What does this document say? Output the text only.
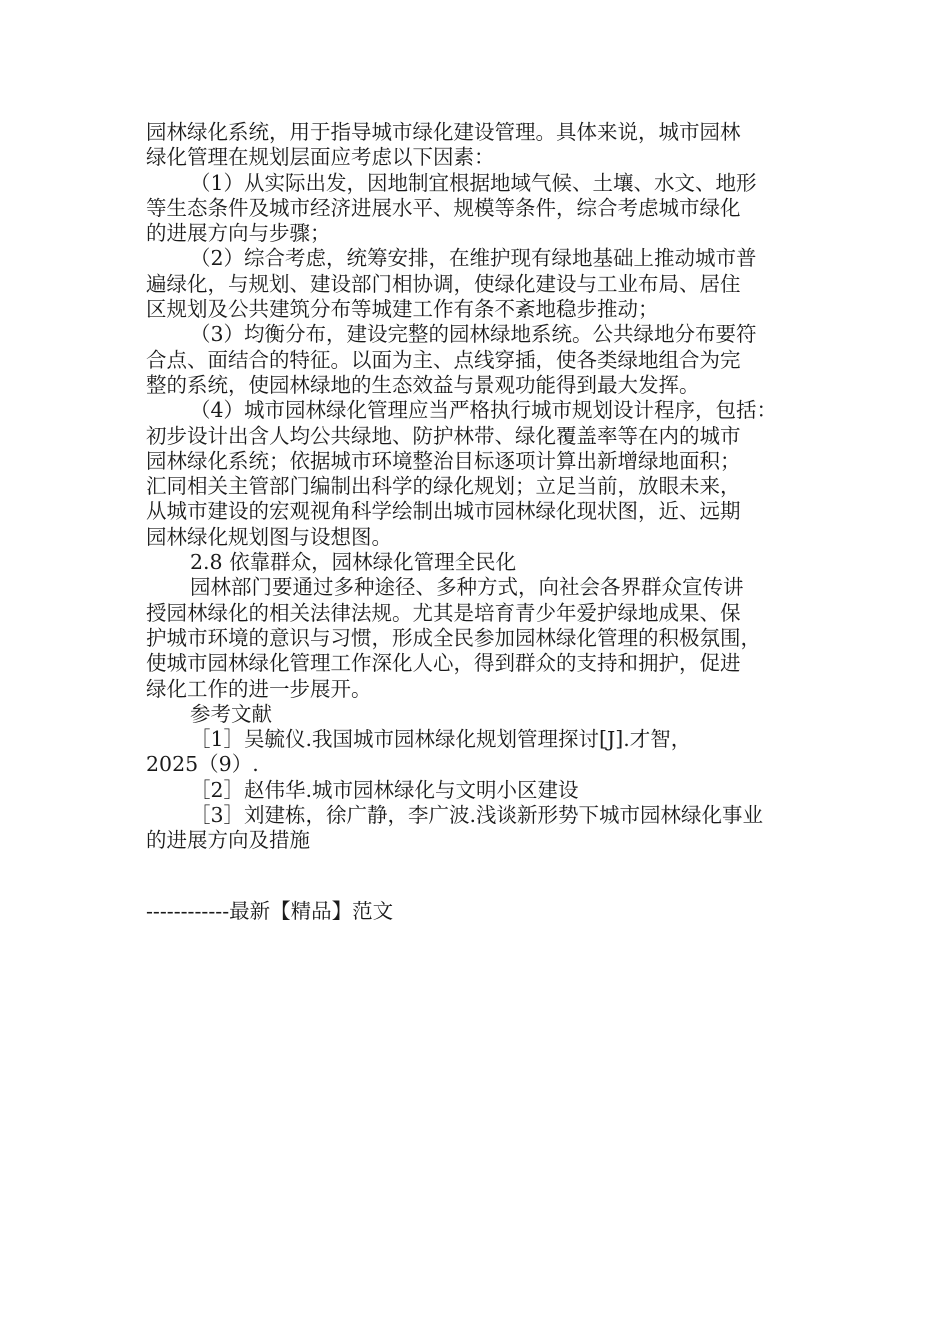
园林绿化系统，用于指导城市绿化建设管理。具体来说，城市园林
绿化管理在规划层面应考虑以下因素：
（1）从实际出发，因地制宜根据地域气候、土壤、水文、地形
等生态条件及城市经济进展水平、规模等条件，综合考虑城市绿化
的进展方向与步骤；
（2）综合考虑，统筹安排，在维护现有绿地基础上推动城市普
遍绿化，与规划、建设部门相协调，使绿化建设与工业布局、居住
区规划及公共建筑分布等城建工作有条不紊地稳步推动；
（3）均衡分布，建设完整的园林绿地系统。公共绿地分布要符
合点、面结合的特征。以面为主、点线穿插，使各类绿地组合为完
整的系统，使园林绿地的生态效益与景观功能得到最大发挥。
（4）城市园林绿化管理应当严格执行城市规划设计程序，包括：
初步设计出含人均公共绿地、防护林带、绿化覆盖率等在内的城市
园林绿化系统；依据城市环境整治目标逐项计算出新增绿地面积；
汇同相关主管部门编制出科学的绿化规划；立足当前，放眼未来，
从城市建设的宏观视角科学绘制出城市园林绿化现状图，近、远期
园林绿化规划图与设想图。
2.8 依靠群众，园林绿化管理全民化
园林部门要通过多种途径、多种方式，向社会各界群众宣传讲
授园林绿化的相关法律法规。尤其是培育青少年爱护绿地成果、保
护城市环境的意识与习惯，形成全民参加园林绿化管理的积极氛围，
使城市园林绿化管理工作深化人心，得到群众的支持和拥护，促进
绿化工作的进一步展开。
参考文献
［1］吴毓仪.我国城市园林绿化规划管理探讨[J].才智，
2025（9）.
［2］赵伟华.城市园林绿化与文明小区建设
［3］刘建栋，徐广静，李广波.浅谈新形势下城市园林绿化事业
的进展方向及措施
------------最新【精品】范文
